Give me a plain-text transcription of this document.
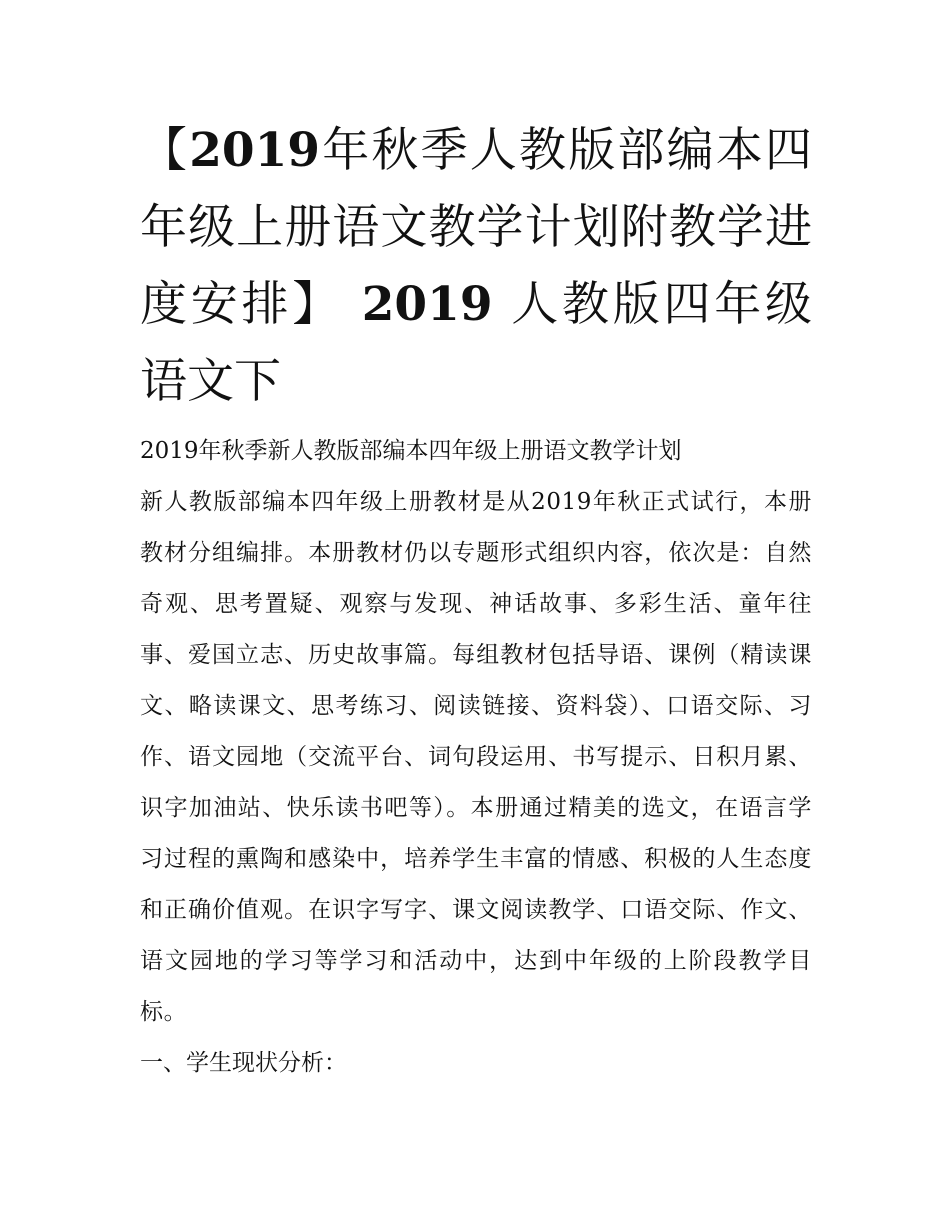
【2019年秋季人教版部编本四年级上册语文教学计划附教学进度安排】 2019 人教版四年级语文下

2019年秋季新人教版部编本四年级上册语文教学计划

新人教版部编本四年级上册教材是从2019年秋正式试行，本册教材分组编排。本册教材仍以专题形式组织内容，依次是：自然奇观、思考置疑、观察与发现、神话故事、多彩生活、童年往事、爱国立志、历史故事篇。每组教材包括导语、课例（精读课文、略读课文、思考练习、阅读链接、资料袋）、口语交际、习作、语文园地（交流平台、词句段运用、书写提示、日积月累、识字加油站、快乐读书吧等）。本册通过精美的选文，在语言学习过程的熏陶和感染中，培养学生丰富的情感、积极的人生态度和正确价值观。在识字写字、课文阅读教学、口语交际、作文、语文园地的学习等学习和活动中，达到中年级的上阶段教学目标。

一、学生现状分析：
